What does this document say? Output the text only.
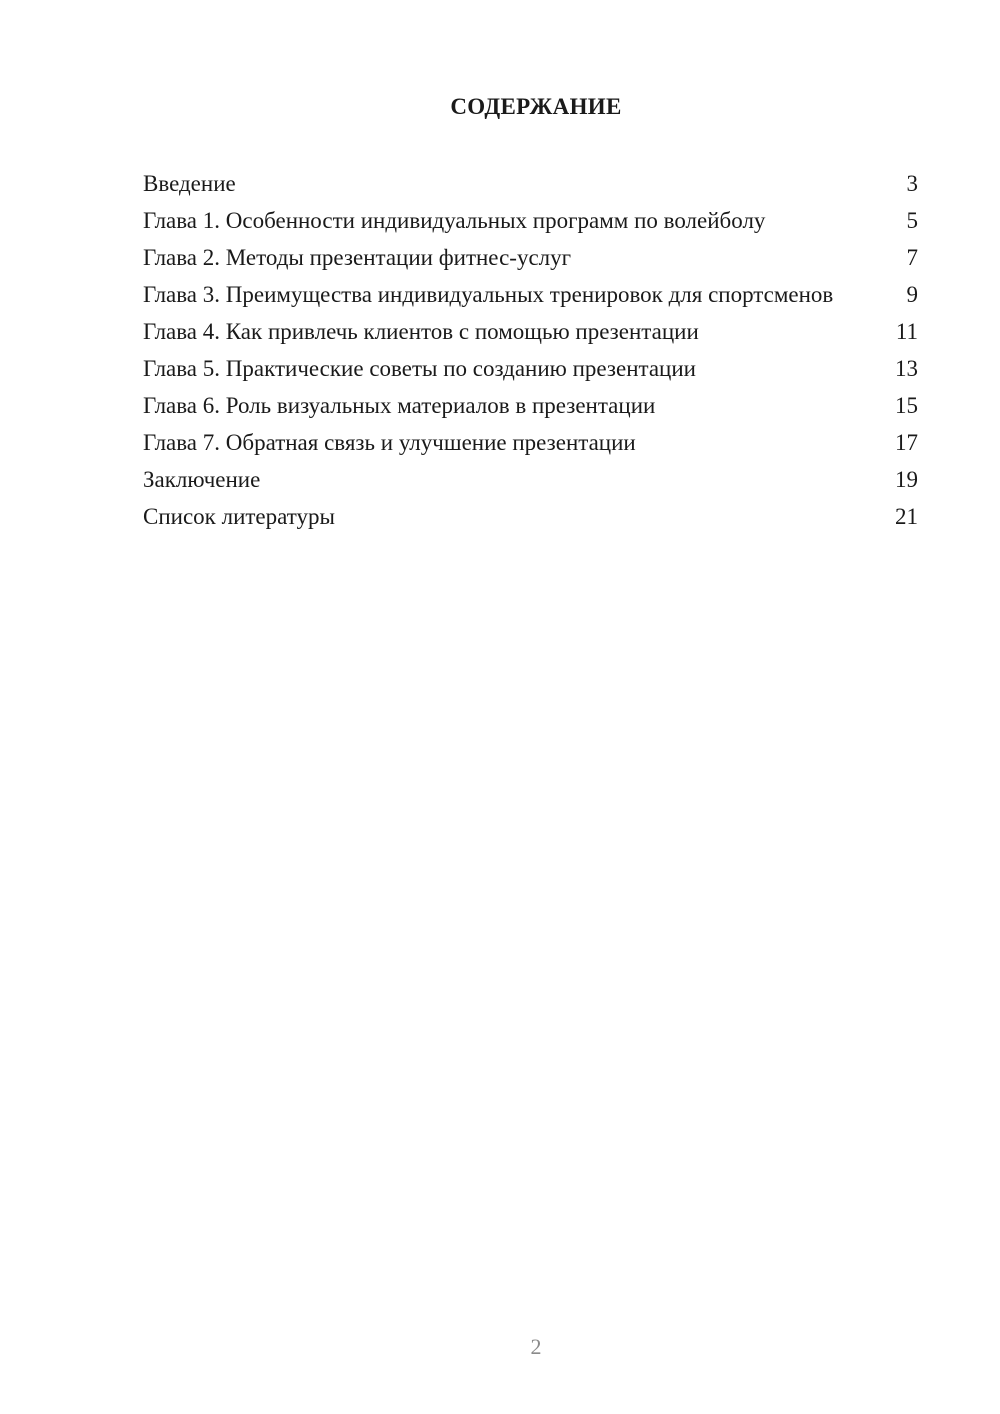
СОДЕРЖАНИЕ
Введение	3
Глава 1. Особенности индивидуальных программ по волейболу	5
Глава 2. Методы презентации фитнес-услуг	7
Глава 3. Преимущества индивидуальных тренировок для спортсменов	9
Глава 4. Как привлечь клиентов с помощью презентации	11
Глава 5. Практические советы по созданию презентации	13
Глава 6. Роль визуальных материалов в презентации	15
Глава 7. Обратная связь и улучшение презентации	17
Заключение	19
Список литературы	21
2
